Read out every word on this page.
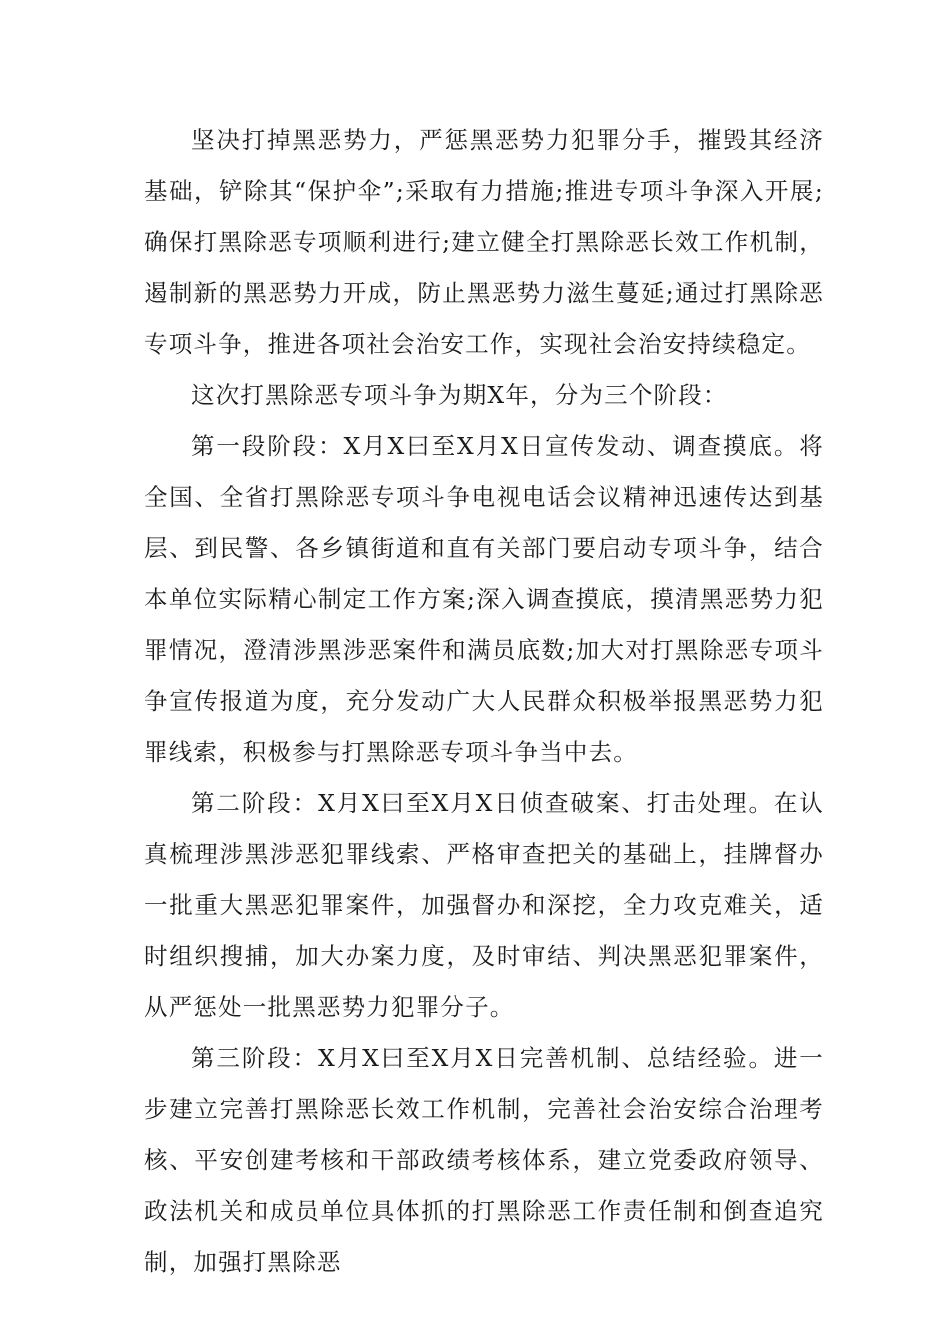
坚决打掉黑恶势力，严惩黑恶势力犯罪分手，摧毁其经济基础，铲除其“保护伞”;采取有力措施;推进专项斗争深入开展;确保打黑除恶专项顺利进行;建立健全打黑除恶长效工作机制，遏制新的黑恶势力开成，防止黑恶势力滋生蔓延;通过打黑除恶专项斗争，推进各项社会治安工作，实现社会治安持续稳定。

这次打黑除恶专项斗争为期X年，分为三个阶段：

第一段阶段：X月X曰至X月X日宣传发动、调查摸底。将全国、全省打黑除恶专项斗争电视电话会议精神迅速传达到基层、到民警、各乡镇街道和直有关部门要启动专项斗争，结合本单位实际精心制定工作方案;深入调查摸底，摸清黑恶势力犯罪情况，澄清涉黑涉恶案件和满员底数;加大对打黑除恶专项斗争宣传报道为度，充分发动广大人民群众积极举报黑恶势力犯罪线索，积极参与打黑除恶专项斗争当中去。

第二阶段：X月X曰至X月X日侦查破案、打击处理。在认真梳理涉黑涉恶犯罪线索、严格审查把关的基础上，挂牌督办一批重大黑恶犯罪案件，加强督办和深挖，全力攻克难关，适时组织搜捕，加大办案力度，及时审结、判决黑恶犯罪案件，从严惩处一批黑恶势力犯罪分子。

第三阶段：X月X曰至X月X日完善机制、总结经验。进一步建立完善打黑除恶长效工作机制，完善社会治安综合治理考核、平安创建考核和干部政绩考核体系，建立党委政府领导、政法机关和成员单位具体抓的打黑除恶工作责任制和倒查追究制，加强打黑除恶
